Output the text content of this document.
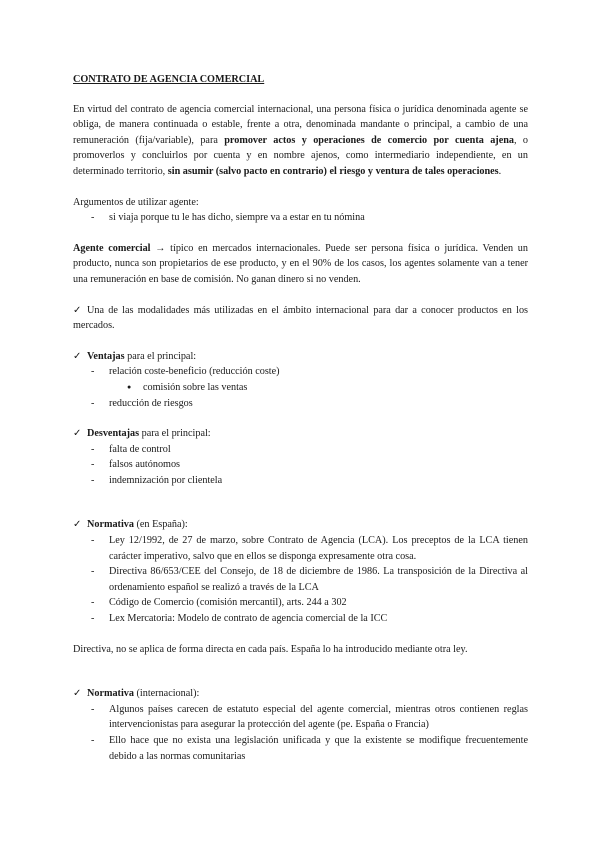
CONTRATO DE AGENCIA COMERCIAL

En virtud del contrato de agencia comercial internacional, una persona física o jurídica denominada agente se obliga, de manera continuada o estable, frente a otra, denominada mandante o principal, a cambio de una remuneración (fija/variable), para promover actos y operaciones de comercio por cuenta ajena, o promoverlos y concluirlos por cuenta y en nombre ajenos, como intermediario independiente, en un determinado territorio, sin asumir (salvo pacto en contrario) el riesgo y ventura de tales operaciones.

Argumentos de utilizar agente:

- si viaja porque tu le has dicho, siempre va a estar en tu nómina

Agente comercial → típico en mercados internacionales. Puede ser persona física o jurídica. Venden un producto, nunca son propietarios de ese producto, y en el 90% de los casos, los agentes solamente van a tener una remuneración en base de comisión. No ganan dinero si no venden.

✓ Una de las modalidades más utilizadas en el ámbito internacional para dar a conocer productos en los mercados.

✓ Ventajas para el principal:

- relación coste-beneficio (reducción coste)
● comisión sobre las ventas
- reducción de riesgos

✓ Desventajas para el principal:

- falta de control
- falsos autónomos
- indemnización por clientela

✓ Normativa (en España):

- Ley 12/1992, de 27 de marzo, sobre Contrato de Agencia (LCA). Los preceptos de la LCA tienen carácter imperativo, salvo que en ellos se disponga expresamente otra cosa.
- Directiva 86/653/CEE del Consejo, de 18 de diciembre de 1986. La transposición de la Directiva al ordenamiento español se realizó a través de la LCA
- Código de Comercio (comisión mercantil), arts. 244 a 302
- Lex Mercatoria: Modelo de contrato de agencia comercial de la ICC

Directiva, no se aplica de forma directa en cada país. España lo ha introducido mediante otra ley.

✓ Normativa (internacional):

- Algunos países carecen de estatuto especial del agente comercial, mientras otros contienen reglas intervencionistas para asegurar la protección del agente (pe. España o Francia)
- Ello hace que no exista una legislación unificada y que la existente se modifique frecuentemente debido a las normas comunitarias
